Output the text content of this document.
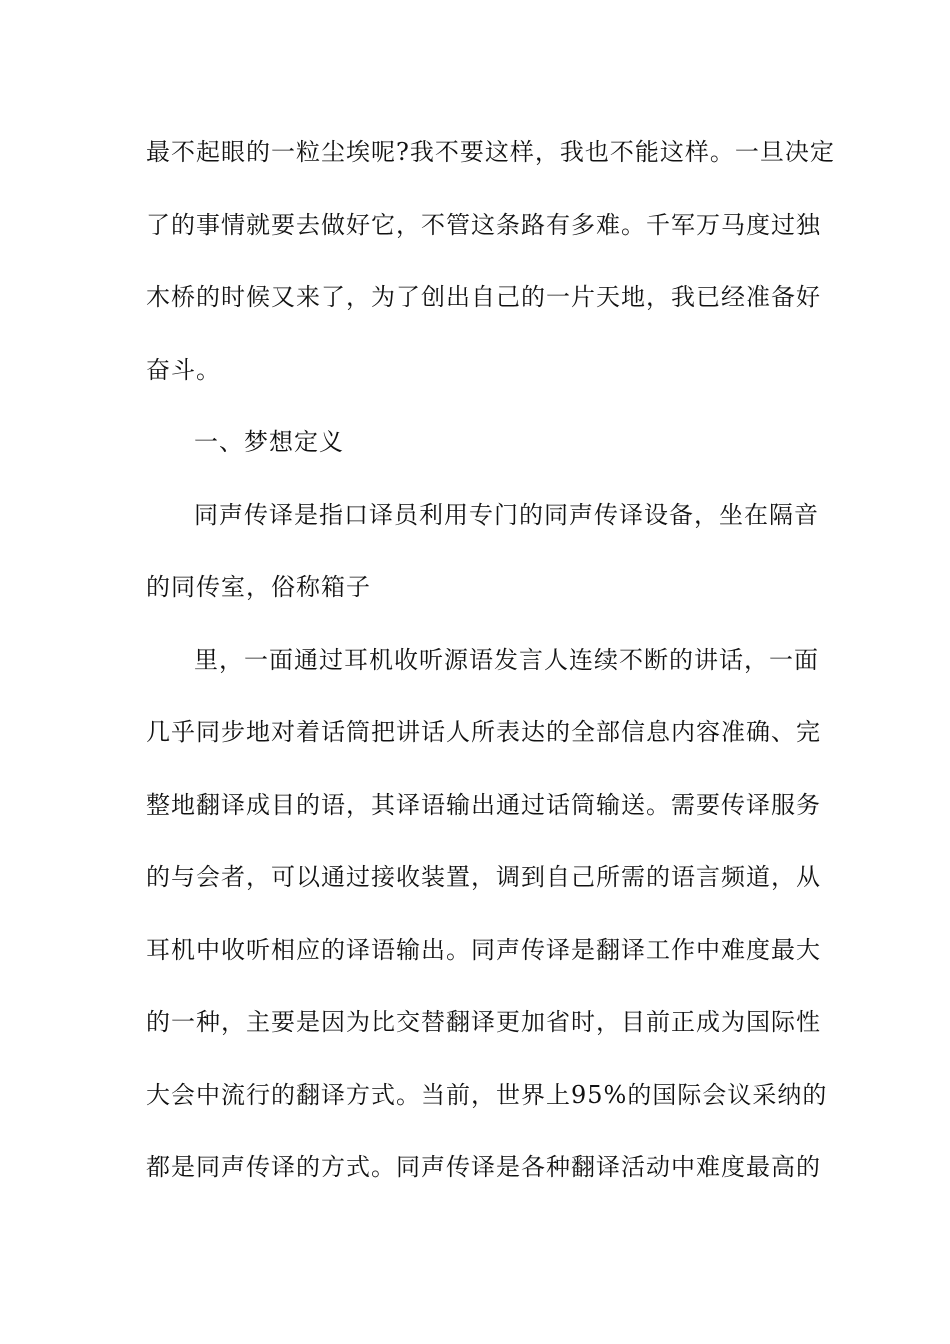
最不起眼的一粒尘埃呢?我不要这样，我也不能这样。一旦决定
了的事情就要去做好它，不管这条路有多难。千军万马度过独
木桥的时候又来了，为了创出自己的一片天地，我已经准备好
奋斗。
一、梦想定义
同声传译是指口译员利用专门的同声传译设备，坐在隔音
的同传室，俗称箱子
里，一面通过耳机收听源语发言人连续不断的讲话，一面
几乎同步地对着话筒把讲话人所表达的全部信息内容准确、完
整地翻译成目的语，其译语输出通过话筒输送。需要传译服务
的与会者，可以通过接收装置，调到自己所需的语言频道，从
耳机中收听相应的译语输出。同声传译是翻译工作中难度最大
的一种，主要是因为比交替翻译更加省时，目前正成为国际性
大会中流行的翻译方式。当前，世界上95%的国际会议采纳的
都是同声传译的方式。同声传译是各种翻译活动中难度最高的
